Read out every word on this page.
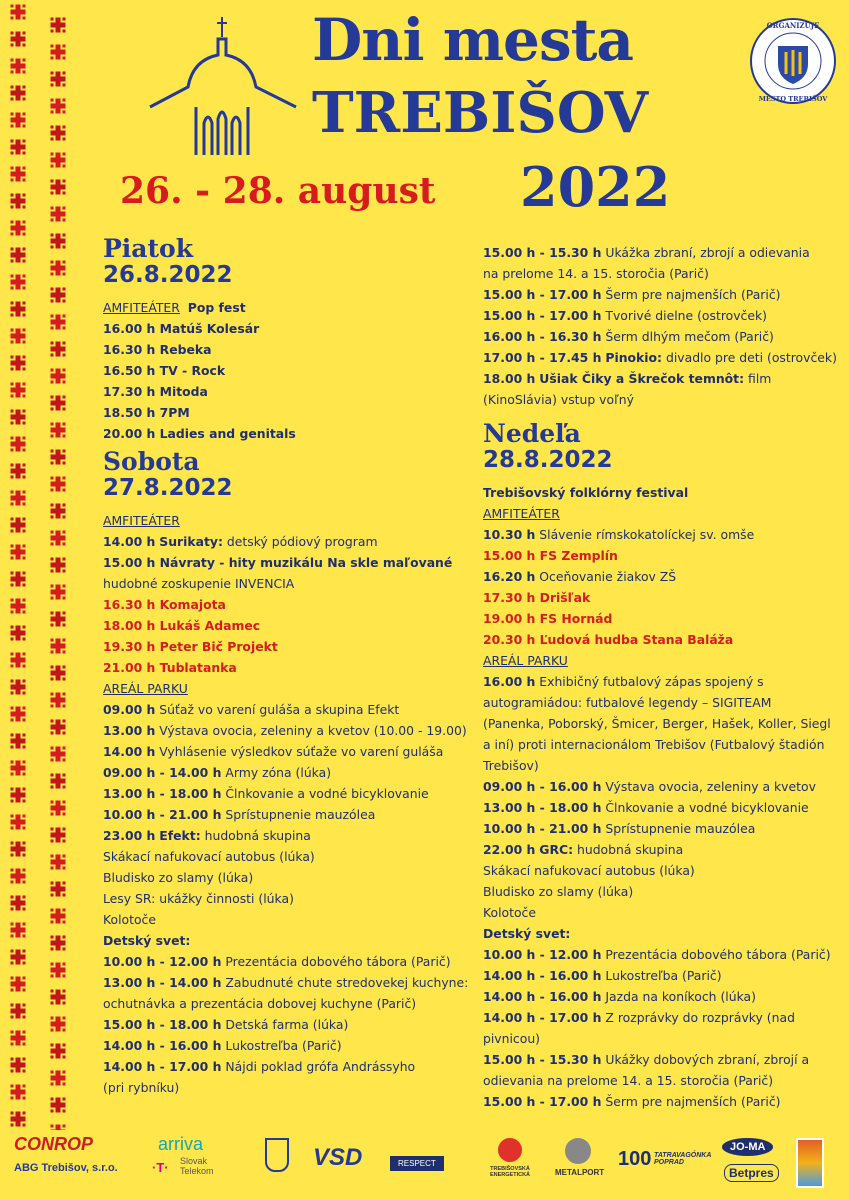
Dni mesta
TREBIŠOV
26. - 28. august 2022
ORGANIZUJE
MESTO TREBIŠOV
Piatok
26.8.2022
AMFITEÁTER Pop fest
16.00 h Matúš Kolesár
16.30 h Rebeka
16.50 h TV - Rock
17.30 h Mitoda
18.50 h 7PM
20.00 h Ladies and genitals
Sobota
27.8.2022
AMFITEÁTER
14.00 h Surikaty: detský pódiový program
15.00 h Návraty - hity muzikálu Na skle maľované
hudobné zoskupenie INVENCIA
16.30 h Komajota
18.00 h Lukáš Adamec
19.30 h Peter Bič Projekt
21.00 h Tublatanka
AREÁL PARKU
09.00 h Súťaž vo varení guláša a skupina Efekt
13.00 h Výstava ovocia, zeleniny a kvetov (10.00 - 19.00)
14.00 h Vyhlásenie výsledkov súťaže vo varení guláša
09.00 h - 14.00 h Army zóna (lúka)
13.00 h - 18.00 h Člnkovanie a vodné bicyklovanie
10.00 h - 21.00 h Sprístupnenie mauzólea
23.00 h Efekt: hudobná skupina
Skákací nafukovací autobus (lúka)
Bludisko zo slamy (lúka)
Lesy SR: ukážky činnosti (lúka)
Kolotoče
Detský svet:
10.00 h - 12.00 h Prezentácia dobového tábora (Parič)
13.00 h - 14.00 h Zabudnuté chute stredovekej kuchyne:
ochutnávka a prezentácia dobovej kuchyne (Parič)
15.00 h - 18.00 h Detská farma (lúka)
14.00 h - 16.00 h Lukostreľba (Parič)
14.00 h - 17.00 h Nájdi poklad grófa Andrássyho
(pri rybníku)
15.00 h - 15.30 h Ukážka zbraní, zbrojí a odievania
na prelome 14. a 15. storočia (Parič)
15.00 h - 17.00 h Šerm pre najmenších (Parič)
15.00 h - 17.00 h Tvorivé dielne (ostrovček)
16.00 h - 16.30 h Šerm dlhým mečom (Parič)
17.00 h - 17.45 h Pinokio: divadlo pre deti (ostrovček)
18.00 h Ušiak Čiky a Škrečok temnôt: film
(KinoSlávia) vstup voľný
Nedeľa
28.8.2022
Trebišovský folklórny festival
AMFITEÁTER
10.30 h Slávenie rímskokatolíckej sv. omše
15.00 h FS Zemplín
16.20 h Oceňovanie žiakov ZŠ
17.30 h Drišľak
19.00 h FS Hornád
20.30 h Ľudová hudba Stana Baláža
AREÁL PARKU
16.00 h Exhibičný futbalový zápas spojený s
autogramiádou: futbalové legendy – SIGITEAM
(Panenka, Poborský, Šmicer, Berger, Hašek, Koller, Siegl
a iní) proti internacionálom Trebišov (Futbalový štadión
Trebišov)
09.00 h - 16.00 h Výstava ovocia, zeleniny a kvetov
13.00 h - 18.00 h Člnkovanie a vodné bicyklovanie
10.00 h - 21.00 h Sprístupnenie mauzólea
22.00 h GRC: hudobná skupina
Skákací nafukovací autobus (lúka)
Bludisko zo slamy (lúka)
Kolotoče
Detský svet:
10.00 h - 12.00 h Prezentácia dobového tábora (Parič)
14.00 h - 16.00 h Lukostreľba (Parič)
14.00 h - 16.00 h Jazda na koníkoch (lúka)
14.00 h - 17.00 h Z rozprávky do rozprávky (nad
pivnicou)
15.00 h - 15.30 h Ukážky dobových zbraní, zbrojí a
odievania na prelome 14. a 15. storočia (Parič)
15.00 h - 17.00 h Šerm pre najmenších (Parič)
CONROP
ABG Trebišov, s.r.o.
arriva
·T· Slovak
Telekom	VSD	RESPECT
TREBIŠOVSKÁ ENERGETICKÁ	METALPORT
100 TATRAVAGÓNKA POPRAD
JO-MA
Betpres
